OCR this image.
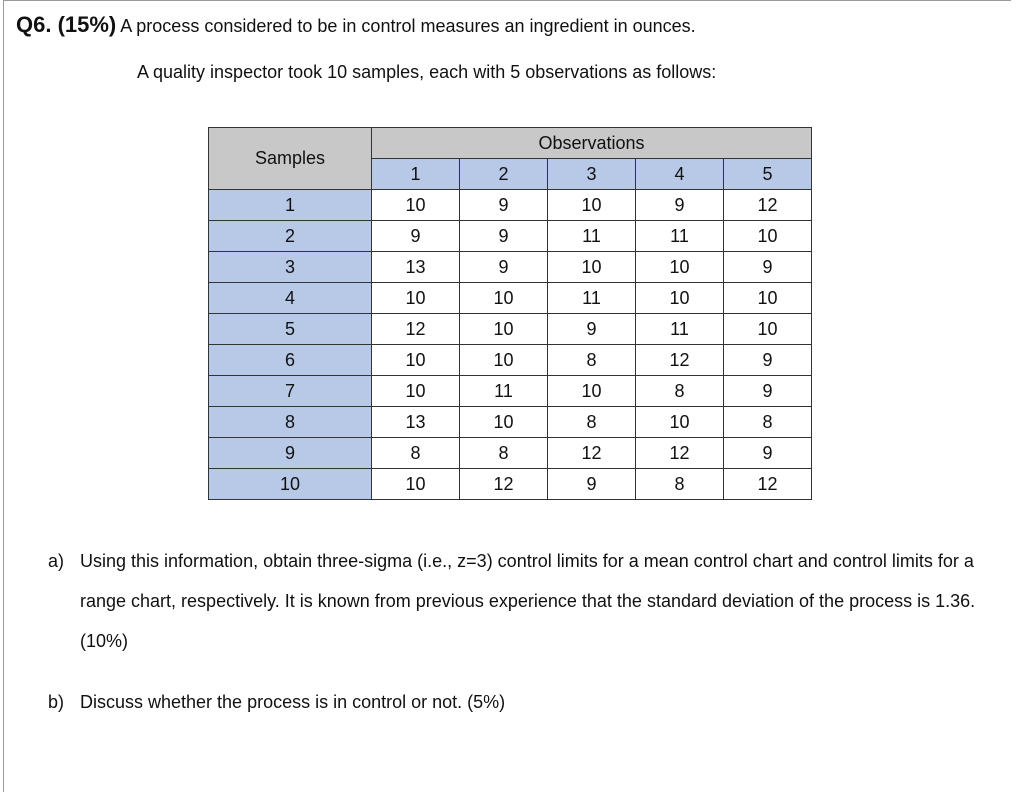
Q6. (15%) A process considered to be in control measures an ingredient in ounces.
A quality inspector took 10 samples, each with 5 observations as follows:
Samples	Observations				
	1	2	3	4	5
1	10	9	10	9	12
2	9	9	11	11	10
3	13	9	10	10	9
4	10	10	11	10	10
5	12	10	9	11	10
6	10	10	8	12	9
7	10	11	10	8	9
8	13	10	8	10	8
9	8	8	12	12	9
10	10	12	9	8	12
a) Using this information, obtain three-sigma (i.e., z=3) control limits for a mean control chart and control limits for a range chart, respectively. It is known from previous experience that the standard deviation of the process is 1.36. (10%)
b) Discuss whether the process is in control or not. (5%)
